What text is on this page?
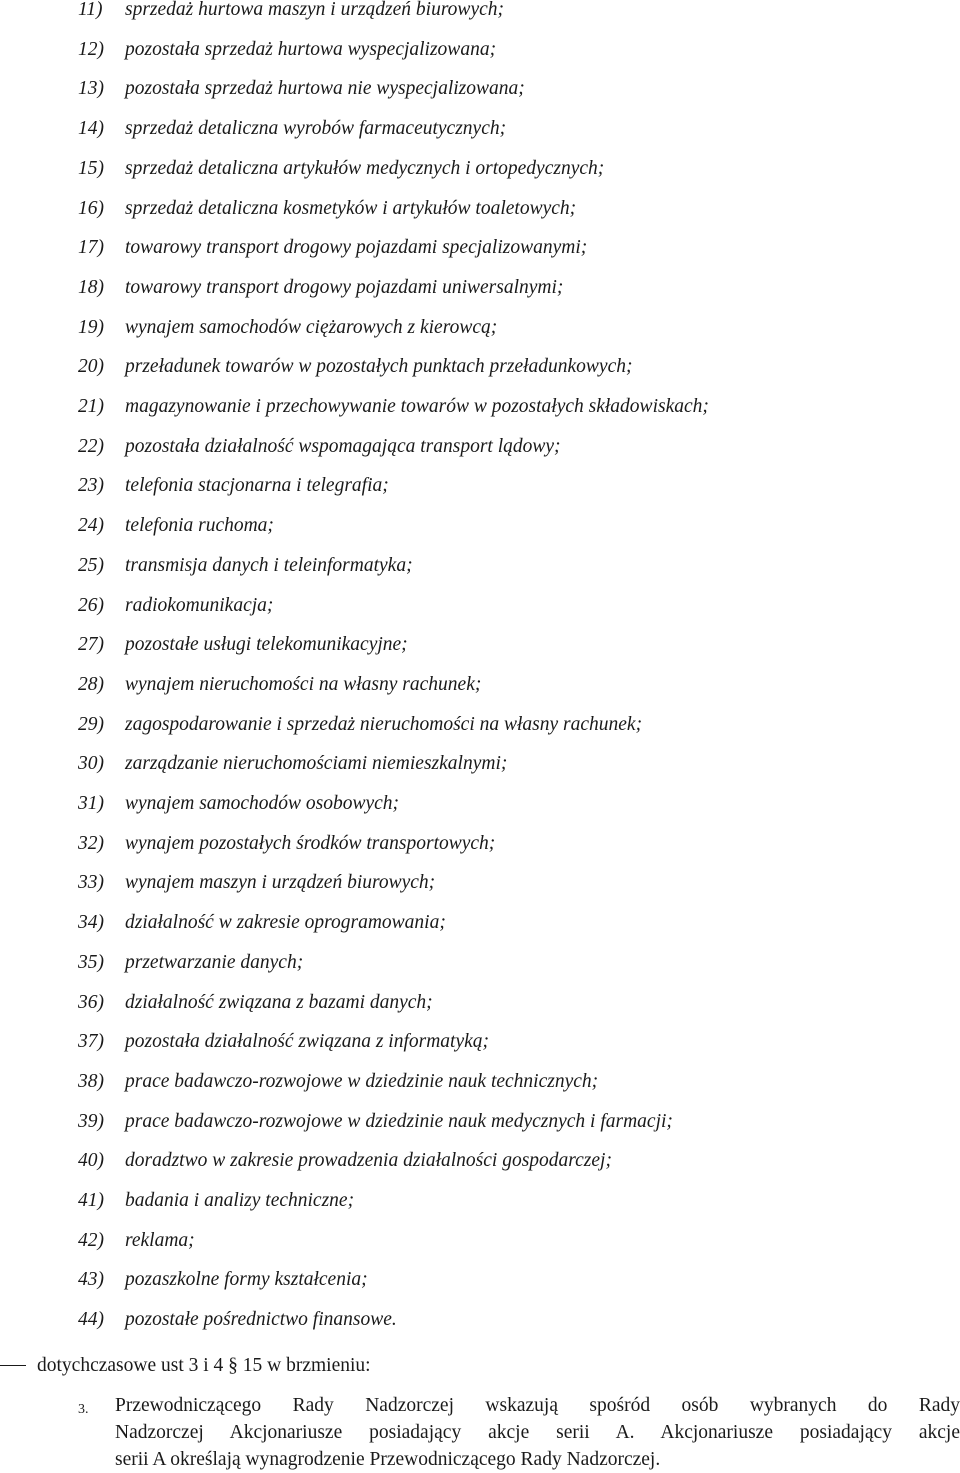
11) sprzedaż hurtowa maszyn i urządzeń biurowych;
12) pozostała sprzedaż hurtowa wyspecjalizowana;
13) pozostała sprzedaż hurtowa nie wyspecjalizowana;
14) sprzedaż detaliczna wyrobów farmaceutycznych;
15) sprzedaż detaliczna artykułów medycznych i ortopedycznych;
16) sprzedaż detaliczna kosmetyków i artykułów toaletowych;
17) towarowy transport drogowy pojazdami specjalizowanymi;
18) towarowy transport drogowy pojazdami uniwersalnymi;
19) wynajem samochodów ciężarowych z kierowcą;
20) przeładunek towarów w pozostałych punktach przeładunkowych;
21) magazynowanie i przechowywanie towarów w pozostałych składowiskach;
22) pozostała działalność wspomagająca transport lądowy;
23) telefonia stacjonarna i telegrafia;
24) telefonia ruchoma;
25) transmisja danych i teleinformatyka;
26) radiokomunikacja;
27) pozostałe usługi telekomunikacyjne;
28) wynajem nieruchomości na własny rachunek;
29) zagospodarowanie i sprzedaż nieruchomości na własny rachunek;
30) zarządzanie nieruchomościami niemieszkalnymi;
31) wynajem samochodów osobowych;
32) wynajem pozostałych środków transportowych;
33) wynajem maszyn i urządzeń biurowych;
34) działalność w zakresie oprogramowania;
35) przetwarzanie danych;
36) działalność związana z bazami danych;
37) pozostała działalność związana z informatyką;
38) prace badawczo-rozwojowe w dziedzinie nauk technicznych;
39) prace badawczo-rozwojowe w dziedzinie nauk medycznych i farmacji;
40) doradztwo w zakresie prowadzenia działalności gospodarczej;
41) badania i analizy techniczne;
42) reklama;
43) pozaszkolne formy kształcenia;
44) pozostałe pośrednictwo finansowe.
dotychczasowe ust 3 i 4 § 15 w brzmieniu:
3. Przewodniczącego Rady Nadzorczej wskazują spośród osób wybranych do Rady
Nadzorczej Akcjonariusze posiadający akcje serii A. Akcjonariusze posiadający akcje
serii A określają wynagrodzenie Przewodniczącego Rady Nadzorczej.
